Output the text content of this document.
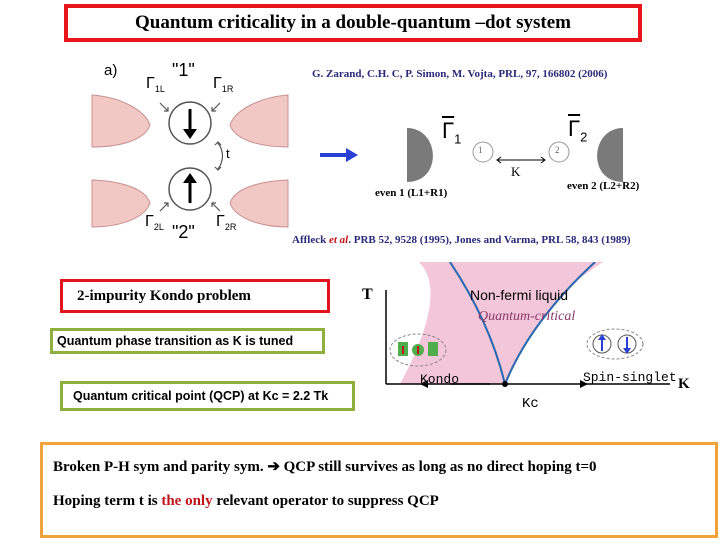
Quantum criticality in a double-quantum –dot system
G. Zarand, C.H. C, P. Simon, M. Vojta, PRL, 97, 166802 (2006)
a)	"1"
"2"
$\Gamma_{1L}$	$\Gamma_{1R}$
$\Gamma_{2L}$	$\Gamma_{2R}$
t
$\overline{\Gamma}_1$	$\overline{\Gamma}_2$
1	2
K
even 1 (L1+R1)
even 2 (L2+R2)
Affleck et al. PRB 52, 9528 (1995), Jones and Varma, PRL 58, 843 (1989)
2-impurity Kondo problem
Quantum phase transition as K is tuned
Quantum critical point (QCP) at Kc = 2.2 Tk
T
K
Non-fermi liquid
Quantum-critical
Kondo	Spin-singlet
Kc
Broken P-H sym and parity sym. ➔ QCP still survives as long as no direct hoping t=0
Hoping term t is the only relevant operator to suppress QCP
